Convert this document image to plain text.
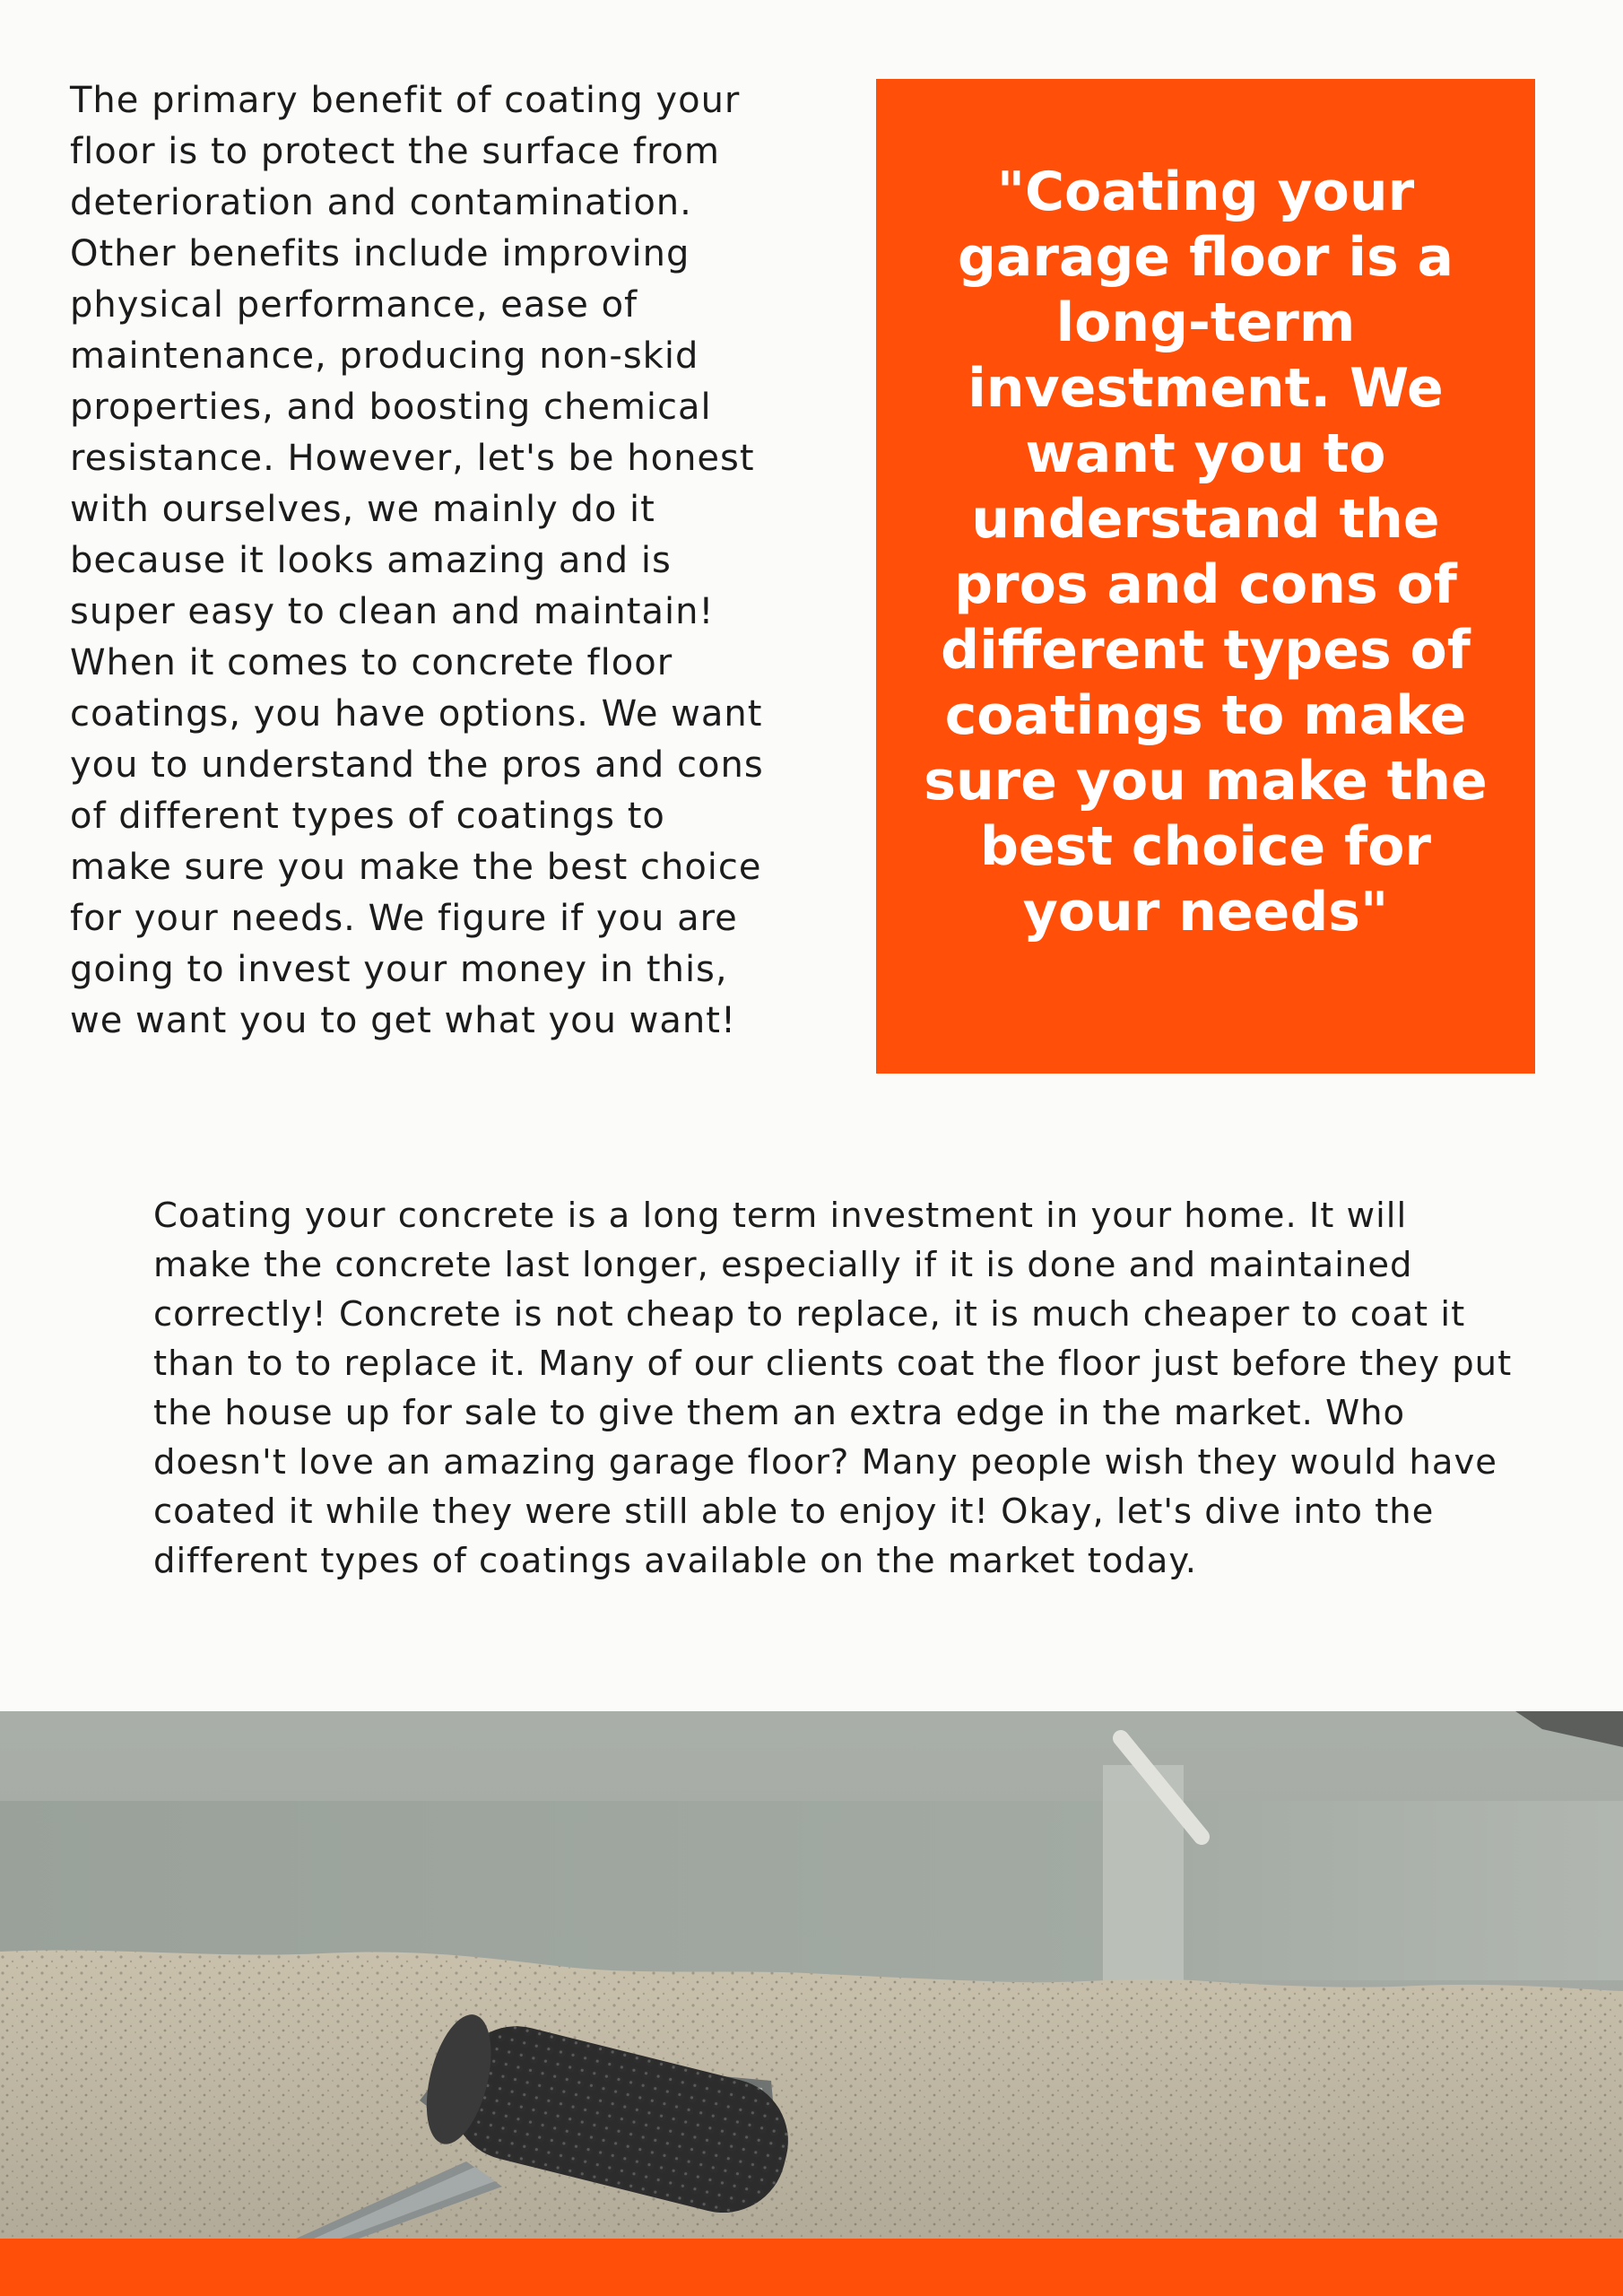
The primary benefit of coating your floor is to protect the surface from deterioration and contamination. Other benefits include improving physical performance, ease of maintenance, producing non-skid properties, and boosting chemical resistance. However, let's be honest with ourselves, we mainly do it because it looks amazing and is super easy to clean and maintain! When it comes to concrete floor coatings, you have options. We want you to understand the pros and cons of different types of coatings to make sure you make the best choice for your needs. We figure if you are going to invest your money in this, we want you to get what you want!

"Coating your garage floor is a long-term investment. We want you to understand the pros and cons of different types of coatings to make sure you make the best choice for your needs"

Coating your concrete is a long term investment in your home. It will make the concrete last longer, especially if it is done and maintained correctly! Concrete is not cheap to replace, it is much cheaper to coat it than to to replace it. Many of our clients coat the floor just before they put the house up for sale to give them an extra edge in the market. Who doesn't love an amazing garage floor? Many people wish they would have coated it while they were still able to enjoy it! Okay, let's dive into the different types of coatings available on the market today.
